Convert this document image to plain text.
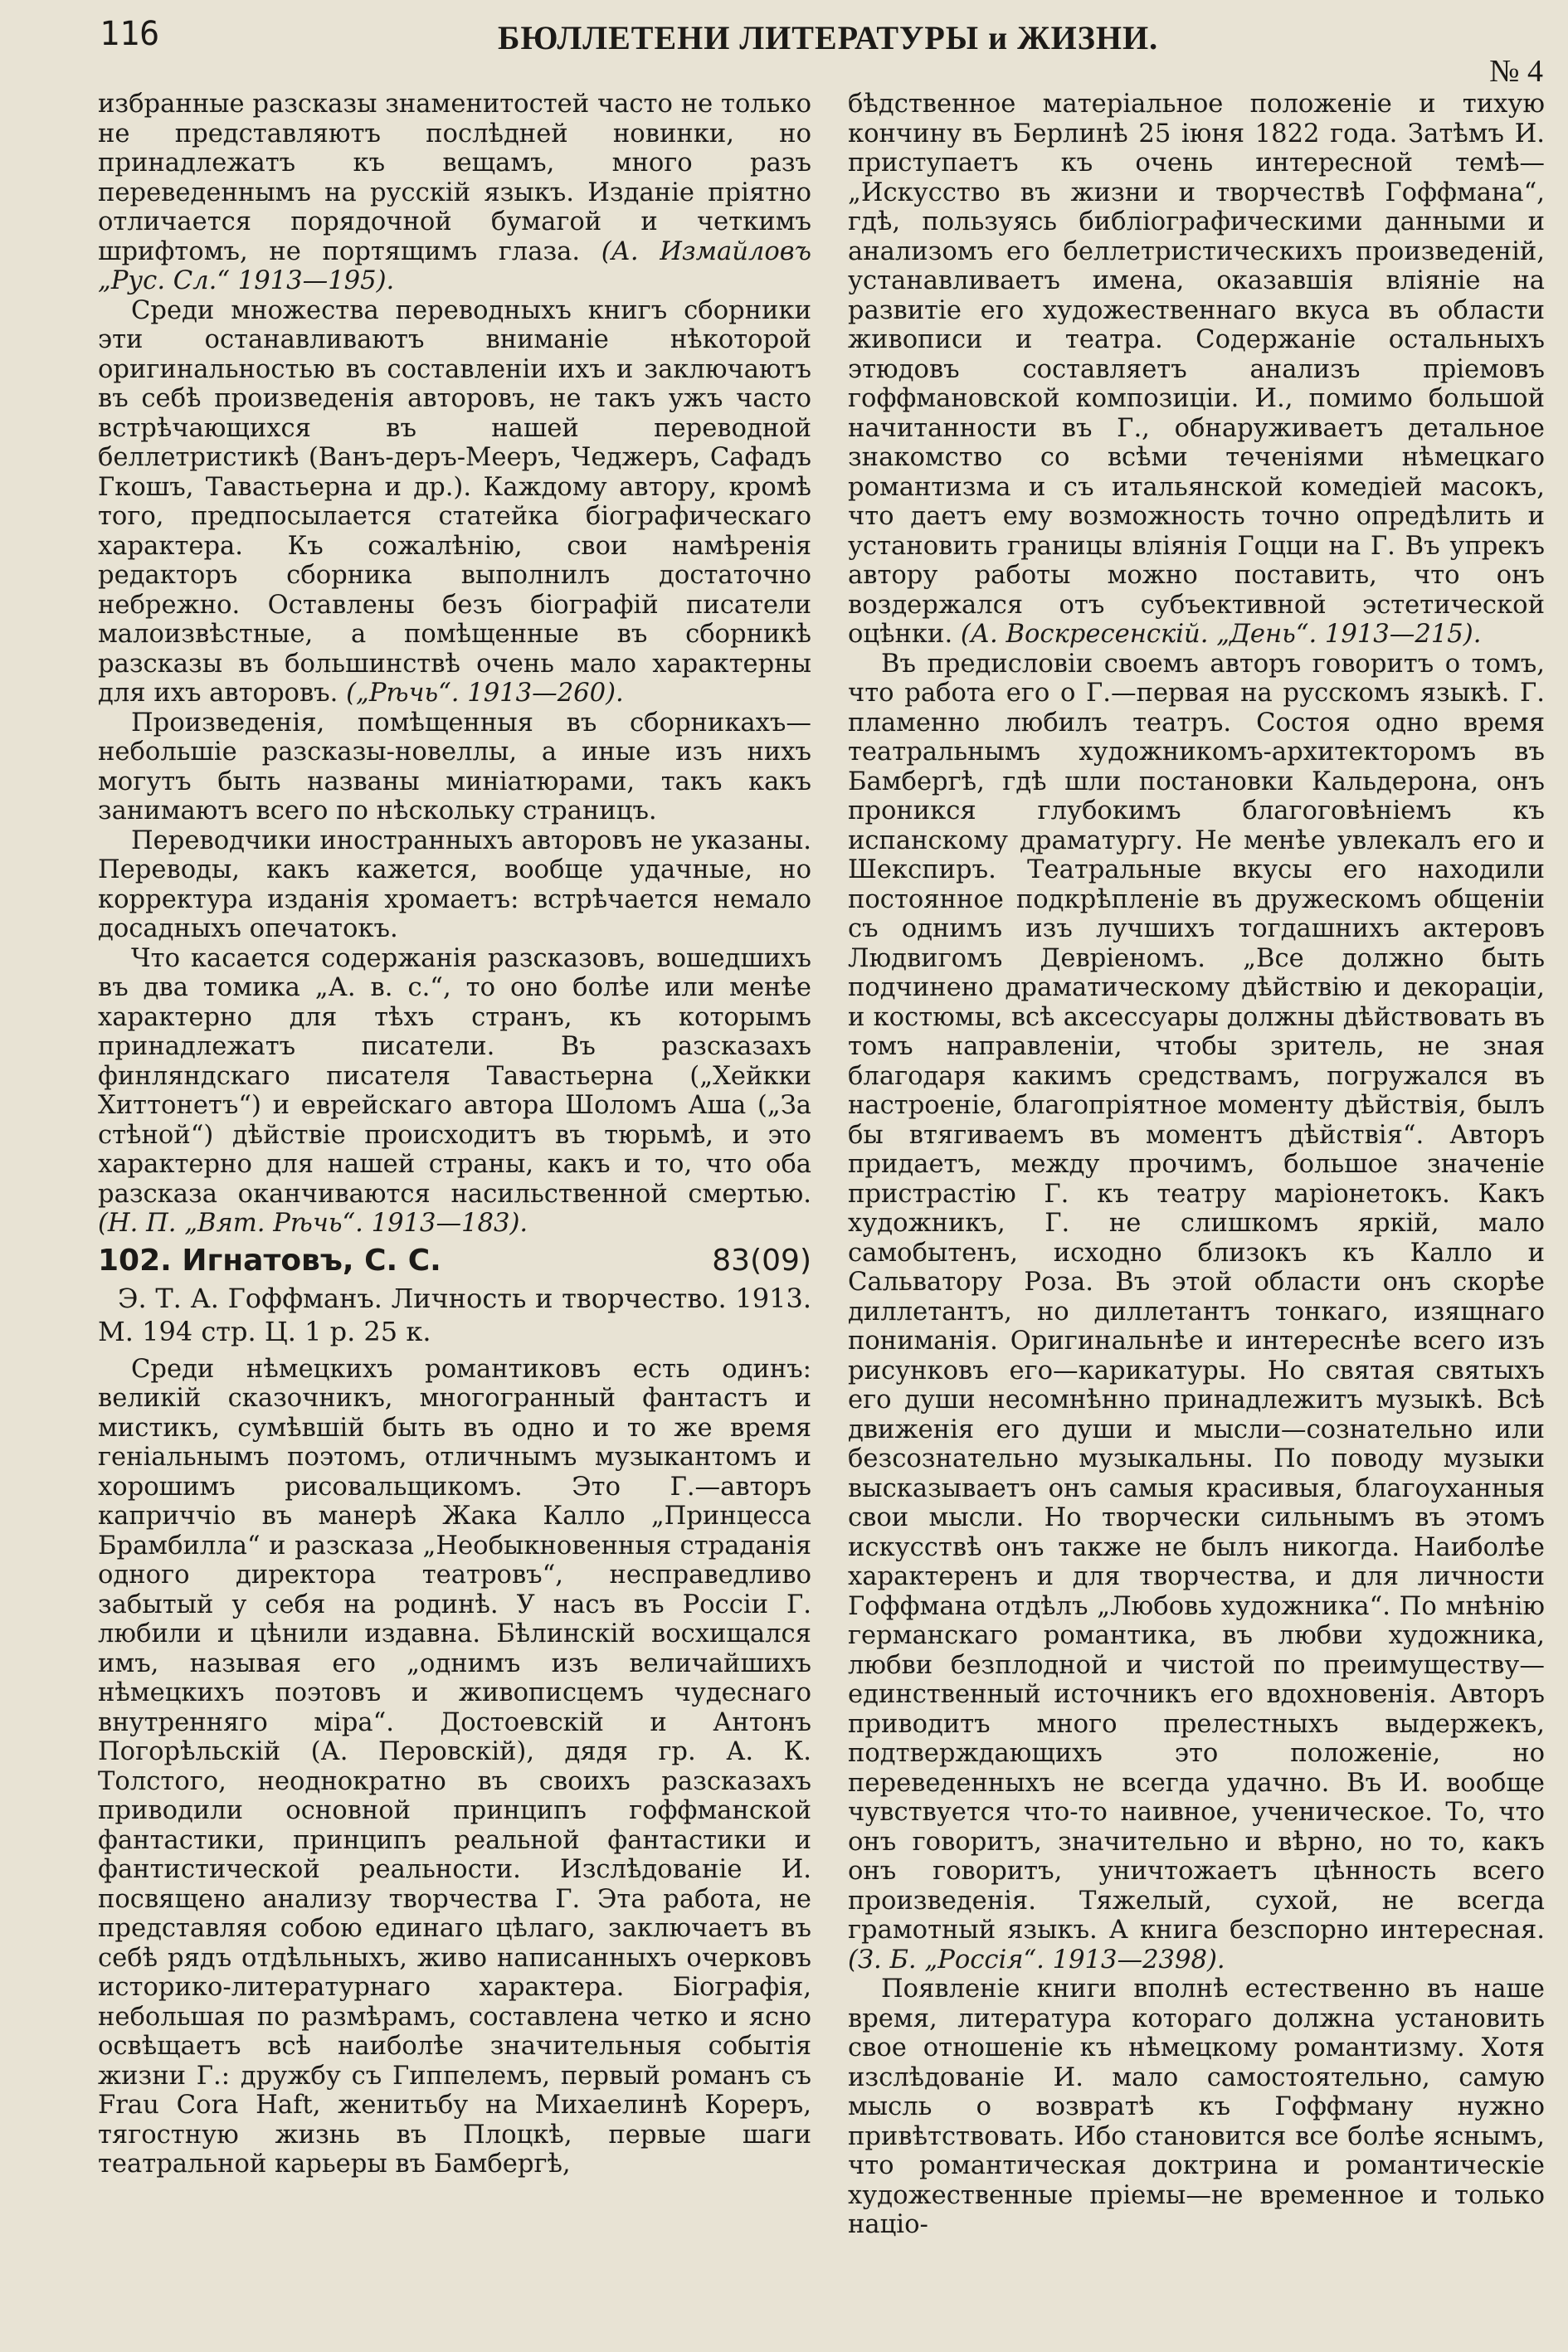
116	БЮЛЛЕТЕНИ ЛИТЕРАТУРЫ и ЖИЗНИ.
№ 4

избранные разсказы знаменитостей часто не только не представляютъ послѣдней новинки, но принадлежатъ къ вещамъ, много разъ переведеннымъ на русскій языкъ. Изданіе пріятно отличается порядочной бумагой и четкимъ шрифтомъ, не портящимъ глаза. (А. Измайловъ „Рус. Сл.“ 1913—195).

Среди множества переводныхъ книгъ сборники эти останавливаютъ вниманіе нѣкоторой оригинальностью въ составленіи ихъ и заключаютъ въ себѣ произведенія авторовъ, не такъ ужъ часто встрѣчающихся въ нашей переводной беллетристикѣ (Ванъ-деръ-Мееръ, Чеджеръ, Сафадъ Гкошъ, Тавастьерна и др.). Каждому автору, кромѣ того, предпосылается статейка біографическаго характера. Къ сожалѣнію, свои намѣренія редакторъ сборника выполнилъ достаточно небрежно. Оставлены безъ біографій писатели малоизвѣстные, а помѣщенные въ сборникѣ разсказы въ большинствѣ очень мало характерны для ихъ авторовъ. („Рѣчь“. 1913—260).

Произведенія, помѣщенныя въ сборникахъ—небольшіе разсказы-новеллы, а иные изъ нихъ могутъ быть названы миніатюрами, такъ какъ занимаютъ всего по нѣскольку страницъ.

Переводчики иностранныхъ авторовъ не указаны. Переводы, какъ кажется, вообще удачные, но корректура изданія хромаетъ: встрѣчается немало досадныхъ опечатокъ.

Что касается содержанія разсказовъ, вошедшихъ въ два томика „А. в. с.“, то оно болѣе или менѣе характерно для тѣхъ странъ, къ которымъ принадлежатъ писатели. Въ разсказахъ финляндскаго писателя Тавастьерна („Хейкки Хиттонетъ“) и еврейскаго автора Шоломъ Аша („За стѣной“) дѣйствіе происходитъ въ тюрьмѣ, и это характерно для нашей страны, какъ и то, что оба разсказа оканчиваются насильственной смертью. (Н. П. „Вят. Рѣчь“. 1913—183).

102. Игнатовъ, С. С.	83(09)
Э. Т. А. Гоффманъ. Личность и творчество. 1913. М. 194 стр. Ц. 1 р. 25 к.

Среди нѣмецкихъ романтиковъ есть одинъ: великій сказочникъ, многогранный фантастъ и мистикъ, сумѣвшій быть въ одно и то же время геніальнымъ поэтомъ, отличнымъ музыкантомъ и хорошимъ рисовальщикомъ. Это Г.—авторъ каприччіо въ манерѣ Жака Калло „Принцесса Брамбилла“ и разсказа „Необыкновенныя страданія одного директора театровъ“, несправедливо забытый у себя на родинѣ. У насъ въ Россіи Г. любили и цѣнили издавна. Бѣлинскій восхищался имъ, называя его „однимъ изъ величайшихъ нѣмецкихъ поэтовъ и живописцемъ чудеснаго внутренняго міра“. Достоевскій и Антонъ Погорѣльскій (А. Перовскій), дядя гр. А. К. Толстого, неоднократно въ своихъ разсказахъ приводили основной принципъ гоффманской фантастики, принципъ реальной фантастики и фантистической реальности. Изслѣдованіе И. посвящено анализу творчества Г. Эта работа, не представляя собою единаго цѣлаго, заключаетъ въ себѣ рядъ отдѣльныхъ, живо написанныхъ очерковъ историко-литературнаго характера. Біографія, небольшая по размѣрамъ, составлена четко и ясно освѣщаетъ всѣ наиболѣе значительныя событія жизни Г.: дружбу съ Гиппелемъ, первый романъ съ Frau Cora Haft, женитьбу на Михаелинѣ Кореръ, тягостную жизнь въ Плоцкѣ, первые шаги театральной карьеры въ Бамбергѣ,

бѣдственное матеріальное положеніе и тихую кончину въ Берлинѣ 25 іюня 1822 года. Затѣмъ И. приступаетъ къ очень интересной темѣ—„Искусство въ жизни и творчествѣ Гоффмана“, гдѣ, пользуясь библіографическими данными и анализомъ его беллетристическихъ произведеній, устанавливаетъ имена, оказавшія вліяніе на развитіе его художественнаго вкуса въ области живописи и театра. Содержаніе остальныхъ этюдовъ составляетъ анализъ пріемовъ гоффмановской композиціи. И., помимо большой начитанности въ Г., обнаруживаетъ детальное знакомство со всѣми теченіями нѣмецкаго романтизма и съ итальянской комедіей масокъ, что даетъ ему возможность точно опредѣлить и установить границы вліянія Гоцци на Г. Въ упрекъ автору работы можно поставить, что онъ воздержался отъ субъективной эстетической оцѣнки. (А. Воскресенскій. „День“. 1913—215).

Въ предисловіи своемъ авторъ говоритъ о томъ, что работа его о Г.—первая на русскомъ языкѣ. Г. пламенно любилъ театръ. Состоя одно время театральнымъ художникомъ-архитекторомъ въ Бамбергѣ, гдѣ шли постановки Кальдерона, онъ проникся глубокимъ благоговѣніемъ къ испанскому драматургу. Не менѣе увлекалъ его и Шекспиръ. Театральные вкусы его находили постоянное подкрѣпленіе въ дружескомъ общеніи съ однимъ изъ лучшихъ тогдашнихъ актеровъ Людвигомъ Девріеномъ. „Все должно быть подчинено драматическому дѣйствію и декораціи, и костюмы, всѣ аксессуары должны дѣйствовать въ томъ направленіи, чтобы зритель, не зная благодаря какимъ средствамъ, погружался въ настроеніе, благопріятное моменту дѣйствія, былъ бы втягиваемъ въ моментъ дѣйствія“. Авторъ придаетъ, между прочимъ, большое значеніе пристрастію Г. къ театру маріонетокъ. Какъ художникъ, Г. не слишкомъ яркій, мало самобытенъ, исходно близокъ къ Калло и Сальватору Роза. Въ этой области онъ скорѣе диллетантъ, но диллетантъ тонкаго, изящнаго пониманія. Оригинальнѣе и интереснѣе всего изъ рисунковъ его—карикатуры. Но святая святыхъ его души несомнѣнно принадлежитъ музыкѣ. Всѣ движенія его души и мысли—сознательно или безсознательно музыкальны. По поводу музыки высказываетъ онъ самыя красивыя, благоуханныя свои мысли. Но творчески сильнымъ въ этомъ искусствѣ онъ также не былъ никогда. Наиболѣе характеренъ и для творчества, и для личности Гоффмана отдѣлъ „Любовь художника“. По мнѣнію германскаго романтика, въ любви художника, любви безплодной и чистой по преимуществу—единственный источникъ его вдохновенія. Авторъ приводитъ много прелестныхъ выдержекъ, подтверждающихъ это положеніе, но переведенныхъ не всегда удачно. Въ И. вообще чувствуется что-то наивное, ученическое. То, что онъ говоритъ, значительно и вѣрно, но то, какъ онъ говоритъ, уничтожаетъ цѣнность всего произведенія. Тяжелый, сухой, не всегда грамотный языкъ. А книга безспорно интересная. (З. Б. „Россія“. 1913—2398).

Появленіе книги вполнѣ естественно въ наше время, литература котораго должна установить свое отношеніе къ нѣмецкому романтизму. Хотя изслѣдованіе И. мало самостоятельно, самую мысль о возвратѣ къ Гоффману нужно привѣтствовать. Ибо становится все болѣе яснымъ, что романтическая доктрина и романтическіе художественные пріемы—не временное и только націо-
